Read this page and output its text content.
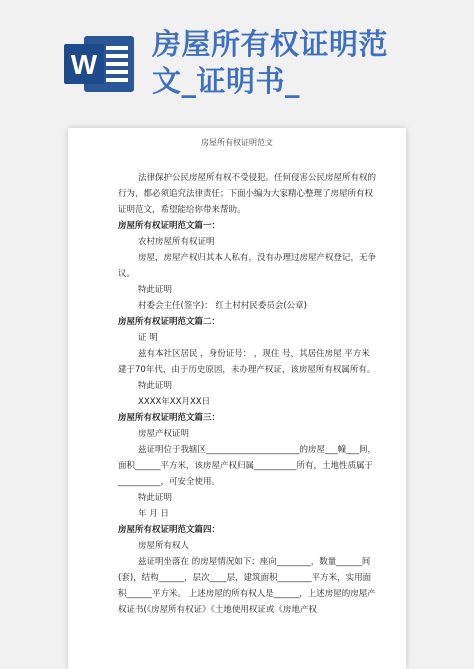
W
房屋所有权证明范
文_证明书_
房屋所有权证明范文

法律保护公民房屋所有权不受侵犯。任何侵害公民房屋所有权的行为，都必须追究法律责任；下面小编为大家精心整理了房屋所有权证明范文，希望能给你带来帮助。

房屋所有权证明范文篇一：

农村房屋所有权证明

房屋，房屋产权归其本人私有，没有办理过房屋产权登记，无争议。

特此证明

村委会主任(签字)： 红土村村民委员会(公章)

房屋所有权证明范文篇二：

证 明

兹有本社区居民 ，身份证号： ，现住 号，其居住房屋 平方米建于70年代，由于历史原因，未办理产权证，该房屋所有权属所有。

特此证明

XXXX年XX月XX日

房屋所有权证明范文篇三：

房屋产权证明

兹证明位于我辖区______________________的房屋___幢___间，面积______平方米，该房屋产权归属__________所有，土地性质属于__________，可安全使用。

特此证明

年 月 日

房屋所有权证明范文篇四：

房屋所有权人

兹证明坐落在 的房屋情况如下：座向________，数量______间(套)，结构______，层次____层，建筑面积________平方米，实用面积______平方米。 上述房屋的所有权人是______，上述房屋的房屋产权证书(《房屋所有权证》《土地使用权证或《房地产权
